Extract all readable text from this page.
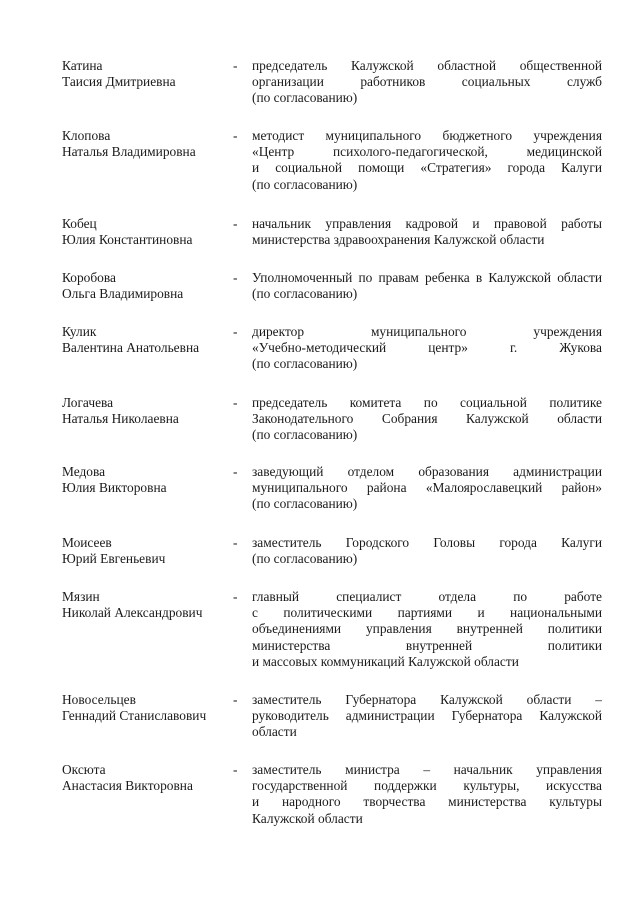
Катина
Таисия Дмитриевна
- председатель Калужской областной общественной
организации работников социальных служб
(по согласованию)
Клопова
Наталья Владимировна
- методист муниципального бюджетного учреждения
«Центр психолого-педагогической, медицинской
и социальной помощи «Стратегия» города Калуги
(по согласованию)
Кобец
Юлия Константиновна
- начальник управления кадровой и правовой работы
министерства здравоохранения Калужской области
Коробова
Ольга Владимировна
- Уполномоченный по правам ребенка в Калужской области
(по согласованию)
Кулик
Валентина Анатольевна
- директор муниципального учреждения
«Учебно-методический центр» г. Жукова
(по согласованию)
Логачева
Наталья Николаевна
- председатель комитета по социальной политике
Законодательного Собрания Калужской области
(по согласованию)
Медова
Юлия Викторовна
- заведующий отделом образования администрации
муниципального района «Малоярославецкий район»
(по согласованию)
Моисеев
Юрий Евгеньевич
- заместитель Городского Головы города Калуги
(по согласованию)
Мязин
Николай Александрович
- главный специалист отдела по работе
с политическими партиями и национальными
объединениями управления внутренней политики
министерства внутренней политики
и массовых коммуникаций Калужской области
Новосельцев
Геннадий Станиславович
- заместитель Губернатора Калужской области –
руководитель администрации Губернатора Калужской
области
Оксюта
Анастасия Викторовна
- заместитель министра – начальник управления
государственной поддержки культуры, искусства
и народного творчества министерства культуры
Калужской области
